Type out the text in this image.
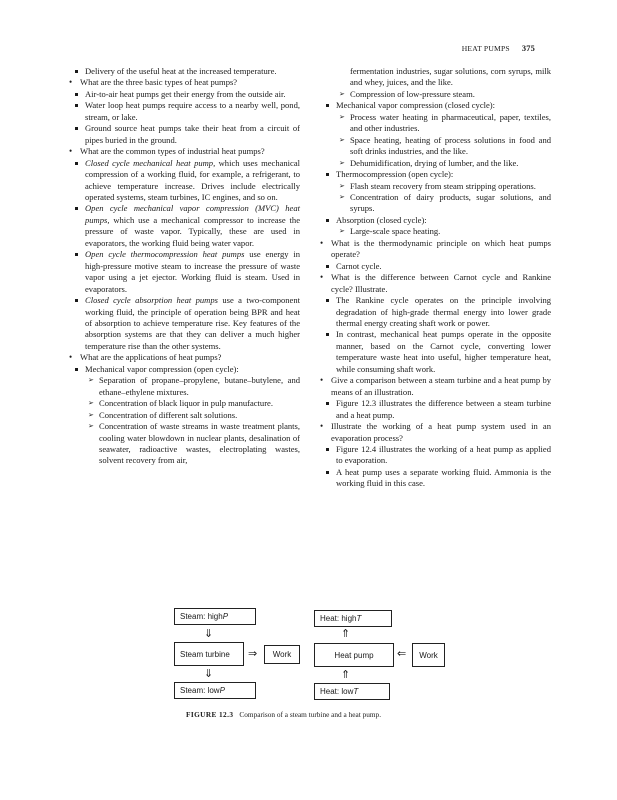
HEAT PUMPS 375
Delivery of the useful heat at the increased temperature.
• What are the three basic types of heat pumps?
Air-to-air heat pumps get their energy from the outside air.
Water loop heat pumps require access to a nearby well, pond, stream, or lake.
Ground source heat pumps take their heat from a circuit of pipes buried in the ground.
• What are the common types of industrial heat pumps?
Closed cycle mechanical heat pump, which uses mechanical compression of a working fluid, for example, a refrigerant, to achieve temperature increase. Drives include electrically operated systems, steam turbines, IC engines, and so on.
Open cycle mechanical vapor compression (MVC) heat pumps, which use a mechanical compressor to increase the pressure of waste vapor. Typically, these are used in evaporators, the working fluid being water vapor.
Open cycle thermocompression heat pumps use energy in high-pressure motive steam to increase the pressure of waste vapor using a jet ejector. Working fluid is steam. Used in evaporators.
Closed cycle absorption heat pumps use a two-component working fluid, the principle of operation being BPR and heat of absorption to achieve temperature rise. Key features of the absorption systems are that they can deliver a much higher temperature rise than the other systems.
• What are the applications of heat pumps?
Mechanical vapor compression (open cycle):
➢ Separation of propane–propylene, butane–butylene, and ethane–ethylene mixtures.
➢ Concentration of black liquor in pulp manufacture.
➢ Concentration of different salt solutions.
➢ Concentration of waste streams in waste treatment plants, cooling water blowdown in nuclear plants, desalination of seawater, radioactive wastes, electroplating wastes, solvent recovery from air,
fermentation industries, sugar solutions, corn syrups, milk and whey, juices, and the like.
➢ Compression of low-pressure steam.
Mechanical vapor compression (closed cycle):
➢ Process water heating in pharmaceutical, paper, textiles, and other industries.
➢ Space heating, heating of process solutions in food and soft drinks industries, and the like.
➢ Dehumidification, drying of lumber, and the like.
Thermocompression (open cycle):
➢ Flash steam recovery from steam stripping operations.
➢ Concentration of dairy products, sugar solutions, and syrups.
Absorption (closed cycle):
➢ Large-scale space heating.
• What is the thermodynamic principle on which heat pumps operate?
Carnot cycle.
• What is the difference between Carnot cycle and Rankine cycle? Illustrate.
The Rankine cycle operates on the principle involving degradation of high-grade thermal energy into lower grade thermal energy creating shaft work or power.
In contrast, mechanical heat pumps operate in the opposite manner, based on the Carnot cycle, converting lower temperature waste heat into useful, higher temperature heat, while consuming shaft work.
• Give a comparison between a steam turbine and a heat pump by means of an illustration.
Figure 12.3 illustrates the difference between a steam turbine and a heat pump.
• Illustrate the working of a heat pump system used in an evaporation process?
Figure 12.4 illustrates the working of a heat pump as applied to evaporation.
A heat pump uses a separate working fluid. Ammonia is the working fluid in this case.
Steam: high P
⇓
Steam turbine ⇒ Work
⇓
Steam: low P
Heat: high T
⇑
Heat pump ⇐ Work
⇑
Heat: low T
FIGURE 12.3 Comparison of a steam turbine and a heat pump.
